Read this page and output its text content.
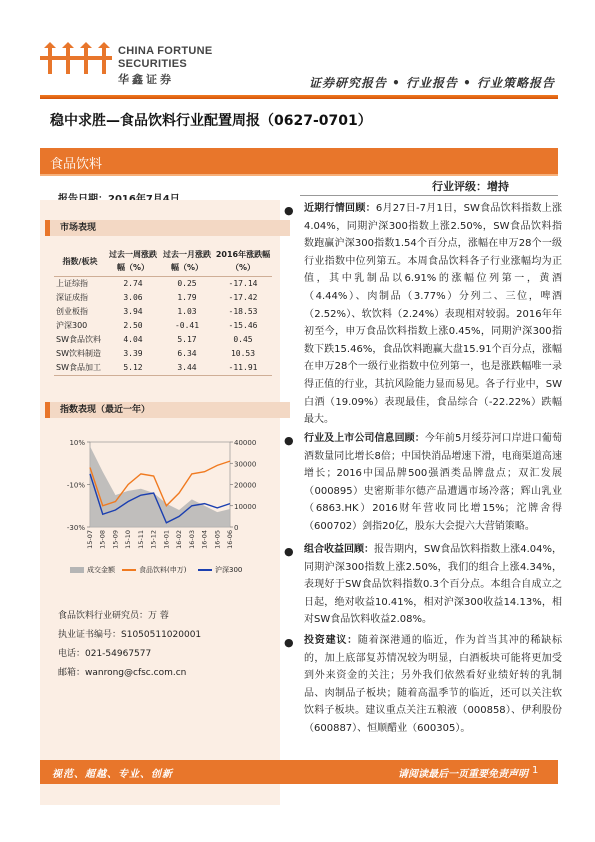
CHINA FORTUNE
SECURITIES
华鑫证券	证券研究报告 • 行业报告 • 行业策略报告
稳中求胜—食品饮料行业配置周报（0627-0701）
食品饮料
行业评级：增持
市场表现
指数/板块	过去一周涨跌幅（%）	过去一月涨跌幅（%）	2016年涨跌幅（%）
上证综指	2.74	0.25	-17.14
深证成指	3.06	1.79	-17.42
创业板指	3.94	1.03	-18.53
沪深300	2.50	-0.41	-15.46
SW食品饮料	4.04	5.17	0.45
SW饮料制造	3.39	6.34	10.53
SW食品加工	5.12	3.44	-11.91
指数表现（最近一年）
10%
-10%
-30%
40000
30000
20000
10000
0
15-07 15-08 15-09 15-10 15-11 15-12 16-01 16-02 16-03 16-04 16-05 16-06
成交金额	食品饮料(申万)	沪深300
食品饮料行业研究员：万 蓉
执业证书编号：S1050511020001
电话：021-54967577
邮箱：wanrong@cfsc.com.cn
● 近期行情回顾：6月27日-7月1日，SW食品饮料指数上涨4.04%，同期沪深300指数上涨2.50%，SW食品饮料指数跑赢沪深300指数1.54个百分点，涨幅在申万28个一级行业指数中位列第五。本周食品饮料各子行业涨幅均为正值，其中乳制品以6.91%的涨幅位列第一，黄酒（4.44%）、肉制品（3.77%）分列二、三位，啤酒（2.52%）、软饮料（2.24%）表现相对较弱。2016年年初至今，申万食品饮料指数上涨0.45%，同期沪深300指数下跌15.46%，食品饮料跑赢大盘15.91个百分点，涨幅在申万28个一级行业指数中位列第一，也是涨跌幅唯一录得正值的行业，其抗风险能力显而易见。各子行业中，SW白酒（19.09%）表现最佳，食品综合（-22.22%）跌幅最大。
● 行业及上市公司信息回顾：今年前5月绥芬河口岸进口葡萄酒数量同比增长8倍；中国快消品增速下滑，电商渠道高速增长；2016中国品牌500强酒类品牌盘点；双汇发展（000895）史密斯菲尔德产品遭遇市场冷落；辉山乳业（6863.HK）2016财年营收同比增15%；沱牌舍得（600702）剑指20亿，股东大会提六大营销策略。
● 组合收益回顾：报告期内，SW食品饮料指数上涨4.04%，同期沪深300指数上涨2.50%，我们的组合上涨4.34%，表现好于SW食品饮料指数0.3个百分点。本组合自成立之日起，绝对收益10.41%，相对沪深300收益14.13%，相对SW食品饮料收益2.08%。
● 投资建议：随着深港通的临近，作为首当其冲的稀缺标的，加上底部复苏情况较为明显，白酒板块可能将更加受到外来资金的关注；另外我们依然看好业绩好转的乳制品、肉制品子板块；随着高温季节的临近，还可以关注软饮料子板块。建议重点关注五粮液（000858）、伊利股份（600887）、恒顺醋业（600305）。
视范、超越、专业、创新	请阅读最后一页重要免责声明 1
